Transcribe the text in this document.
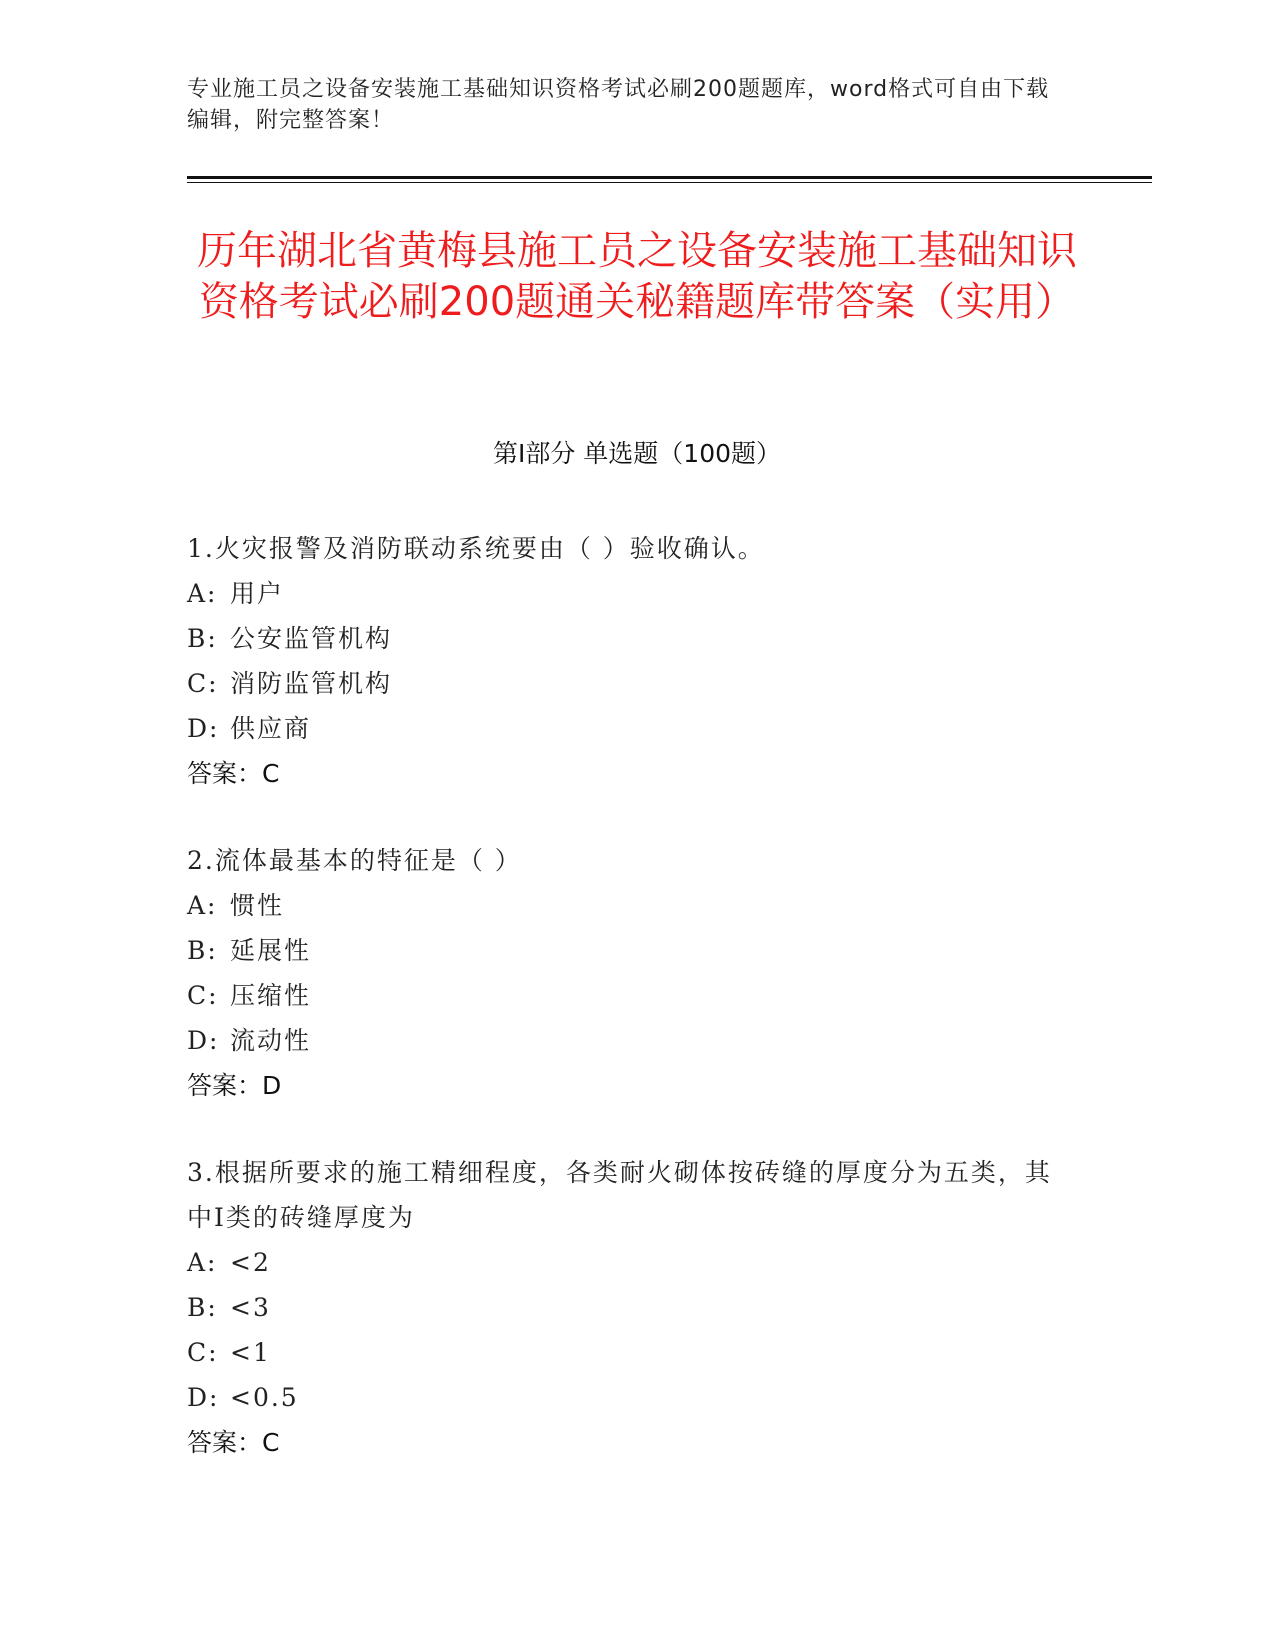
专业施工员之设备安装施工基础知识资格考试必刷200题题库，word格式可自由下载编辑，附完整答案！
历年湖北省黄梅县施工员之设备安装施工基础知识资格考试必刷200题通关秘籍题库带答案（实用）
第Ⅰ部分 单选题（100题）
1.火灾报警及消防联动系统要由（ ）验收确认。
A: 用户
B: 公安监管机构
C: 消防监管机构
D: 供应商
答案：C
2.流体最基本的特征是（ ）
A: 惯性
B: 延展性
C: 压缩性
D: 流动性
答案：D
3.根据所要求的施工精细程度，各类耐火砌体按砖缝的厚度分为五类，其中Ⅰ类的砖缝厚度为
A: <2
B: <3
C: <1
D: <0.5
答案：C
